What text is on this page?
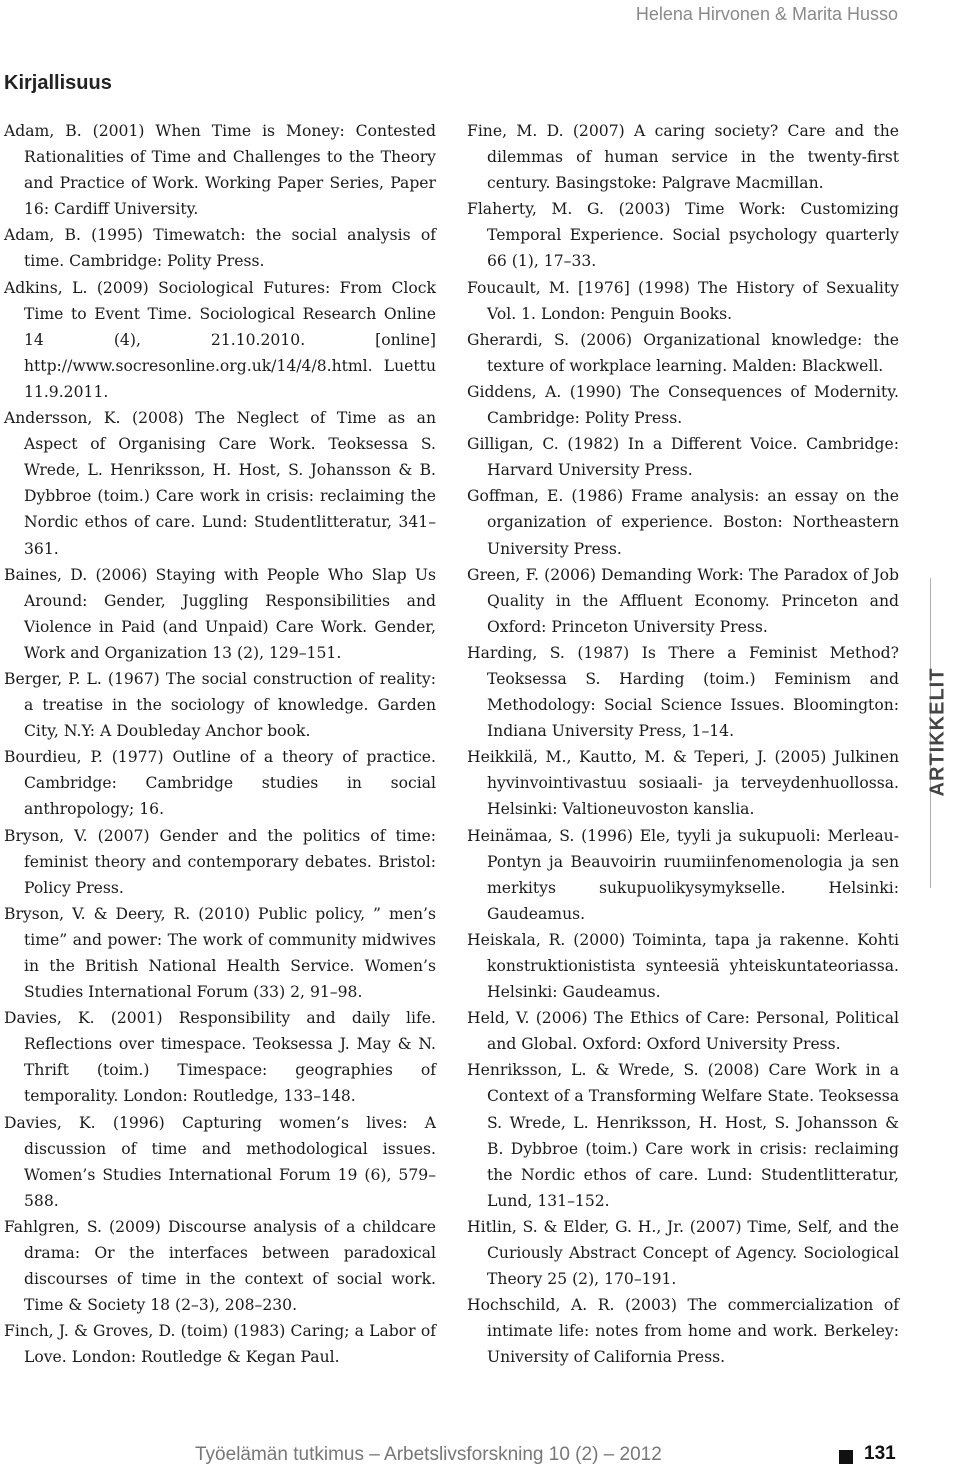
Helena Hirvonen & Marita Husso
Kirjallisuus
Adam, B. (2001) When Time is Money: Contested Rationalities of Time and Challenges to the Theory and Practice of Work. Working Paper Series, Paper 16: Cardiff University.
Adam, B. (1995) Timewatch: the social analysis of time. Cambridge: Polity Press.
Adkins, L. (2009) Sociological Futures: From Clock Time to Event Time. Sociological Research Online 14 (4), 21.10.2010. [online] http://www.socresonline.org.uk/14/4/8.html. Luettu 11.9.2011.
Andersson, K. (2008) The Neglect of Time as an Aspect of Organising Care Work. Teoksessa S. Wrede, L. Henriksson, H. Host, S. Johansson & B. Dybbroe (toim.) Care work in crisis: reclaiming the Nordic ethos of care. Lund: Studentlitteratur, 341–361.
Baines, D. (2006) Staying with People Who Slap Us Around: Gender, Juggling Responsibilities and Violence in Paid (and Unpaid) Care Work. Gender, Work and Organization 13 (2), 129–151.
Berger, P. L. (1967) The social construction of reality: a treatise in the sociology of knowledge. Garden City, N.Y: A Doubleday Anchor book.
Bourdieu, P. (1977) Outline of a theory of practice. Cambridge: Cambridge studies in social anthropology; 16.
Bryson, V. (2007) Gender and the politics of time: feminist theory and contemporary debates. Bristol: Policy Press.
Bryson, V. & Deery, R. (2010) Public policy, ” men’s time” and power: The work of community midwives in the British National Health Service. Women’s Studies International Forum (33) 2, 91–98.
Davies, K. (2001) Responsibility and daily life. Reflections over timespace. Teoksessa J. May & N. Thrift (toim.) Timespace: geographies of temporality. London: Routledge, 133–148.
Davies, K. (1996) Capturing women’s lives: A discussion of time and methodological issues. Women’s Studies International Forum 19 (6), 579–588.
Fahlgren, S. (2009) Discourse analysis of a childcare drama: Or the interfaces between paradoxical discourses of time in the context of social work. Time & Society 18 (2–3), 208–230.
Finch, J. & Groves, D. (toim) (1983) Caring; a Labor of Love. London: Routledge & Kegan Paul.
Fine, M. D. (2007) A caring society? Care and the dilemmas of human service in the twenty-first century. Basingstoke: Palgrave Macmillan.
Flaherty, M. G. (2003) Time Work: Customizing Temporal Experience. Social psychology quarterly 66 (1), 17–33.
Foucault, M. [1976] (1998) The History of Sexuality Vol. 1. London: Penguin Books.
Gherardi, S. (2006) Organizational knowledge: the texture of workplace learning. Malden: Blackwell.
Giddens, A. (1990) The Consequences of Modernity. Cambridge: Polity Press.
Gilligan, C. (1982) In a Different Voice. Cambridge: Harvard University Press.
Goffman, E. (1986) Frame analysis: an essay on the organization of experience. Boston: Northeastern University Press.
Green, F. (2006) Demanding Work: The Paradox of Job Quality in the Affluent Economy. Princeton and Oxford: Princeton University Press.
Harding, S. (1987) Is There a Feminist Method? Teoksessa S. Harding (toim.) Feminism and Methodology: Social Science Issues. Bloomington: Indiana University Press, 1–14.
Heikkilä, M., Kautto, M. & Teperi, J. (2005) Julkinen hyvinvointivastuu sosiaali- ja terveydenhuollossa. Helsinki: Valtioneuvoston kanslia.
Heinämaa, S. (1996) Ele, tyyli ja sukupuoli: Merleau-Pontyn ja Beauvoirin ruumiinfenomenologia ja sen merkitys sukupuolikysymykselle. Helsinki: Gaudeamus.
Heiskala, R. (2000) Toiminta, tapa ja rakenne. Kohti konstruktionistista synteesiä yhteiskuntateoriassa. Helsinki: Gaudeamus.
Held, V. (2006) The Ethics of Care: Personal, Political and Global. Oxford: Oxford University Press.
Henriksson, L. & Wrede, S. (2008) Care Work in a Context of a Transforming Welfare State. Teoksessa S. Wrede, L. Henriksson, H. Host, S. Johansson & B. Dybbroe (toim.) Care work in crisis: reclaiming the Nordic ethos of care. Lund: Studentlitteratur, Lund, 131–152.
Hitlin, S. & Elder, G. H., Jr. (2007) Time, Self, and the Curiously Abstract Concept of Agency. Sociological Theory 25 (2), 170–191.
Hochschild, A. R. (2003) The commercialization of intimate life: notes from home and work. Berkeley: University of California Press.
ARTIKKELIT
Työelämän tutkimus – Arbetslivsforskning 10 (2) – 2012	131
